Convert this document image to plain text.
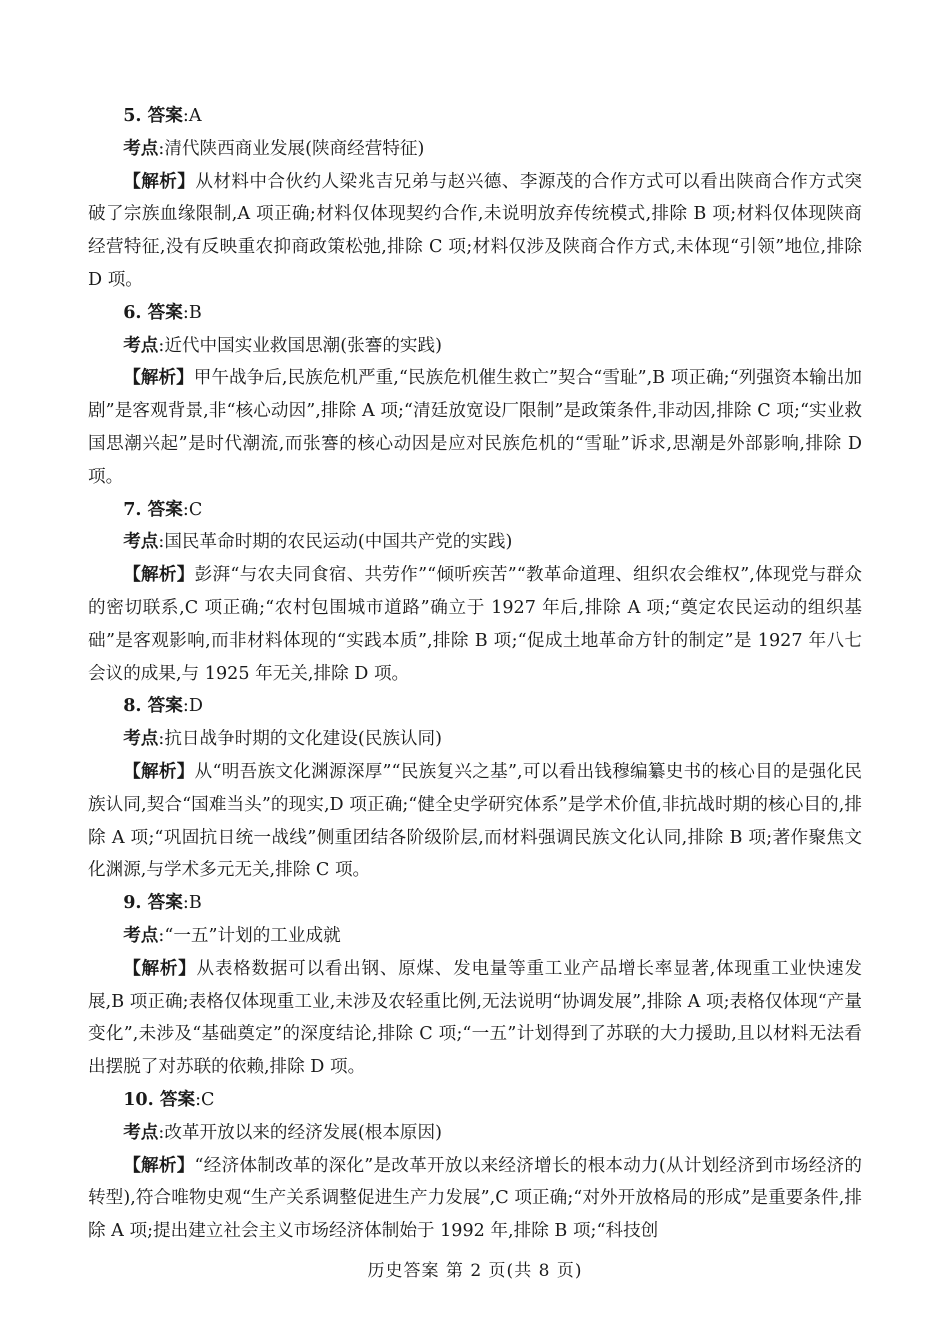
5. 答案:A

考点:清代陕西商业发展(陕商经营特征)

【解析】从材料中合伙约人梁兆吉兄弟与赵兴德、李源茂的合作方式可以看出陕商合作方式突破了宗族血缘限制,A 项正确;材料仅体现契约合作,未说明放弃传统模式,排除 B 项;材料仅体现陕商经营特征,没有反映重农抑商政策松弛,排除 C 项;材料仅涉及陕商合作方式,未体现“引领”地位,排除 D 项。

6. 答案:B

考点:近代中国实业救国思潮(张謇的实践)

【解析】甲午战争后,民族危机严重,“民族危机催生救亡”契合“雪耻”,B 项正确;“列强资本输出加剧”是客观背景,非“核心动因”,排除 A 项;“清廷放宽设厂限制”是政策条件,非动因,排除 C 项;“实业救国思潮兴起”是时代潮流,而张謇的核心动因是应对民族危机的“雪耻”诉求,思潮是外部影响,排除 D 项。

7. 答案:C

考点:国民革命时期的农民运动(中国共产党的实践)

【解析】彭湃“与农夫同食宿、共劳作”“倾听疾苦”“教革命道理、组织农会维权”,体现党与群众的密切联系,C 项正确;“农村包围城市道路”确立于 1927 年后,排除 A 项;“奠定农民运动的组织基础”是客观影响,而非材料体现的“实践本质”,排除 B 项;“促成土地革命方针的制定”是 1927 年八七会议的成果,与 1925 年无关,排除 D 项。

8. 答案:D

考点:抗日战争时期的文化建设(民族认同)

【解析】从“明吾族文化渊源深厚”“民族复兴之基”,可以看出钱穆编纂史书的核心目的是强化民族认同,契合“国难当头”的现实,D 项正确;“健全史学研究体系”是学术价值,非抗战时期的核心目的,排除 A 项;“巩固抗日统一战线”侧重团结各阶级阶层,而材料强调民族文化认同,排除 B 项;著作聚焦文化渊源,与学术多元无关,排除 C 项。

9. 答案:B

考点:“一五”计划的工业成就

【解析】从表格数据可以看出钢、原煤、发电量等重工业产品增长率显著,体现重工业快速发展,B 项正确;表格仅体现重工业,未涉及农轻重比例,无法说明“协调发展”,排除 A 项;表格仅体现“产量变化”,未涉及“基础奠定”的深度结论,排除 C 项;“一五”计划得到了苏联的大力援助,且以材料无法看出摆脱了对苏联的依赖,排除 D 项。

10. 答案:C

考点:改革开放以来的经济发展(根本原因)

【解析】“经济体制改革的深化”是改革开放以来经济增长的根本动力(从计划经济到市场经济的转型),符合唯物史观“生产关系调整促进生产力发展”,C 项正确;“对外开放格局的形成”是重要条件,排除 A 项;提出建立社会主义市场经济体制始于 1992 年,排除 B 项;“科技创

历史答案 第 2 页(共 8 页)
